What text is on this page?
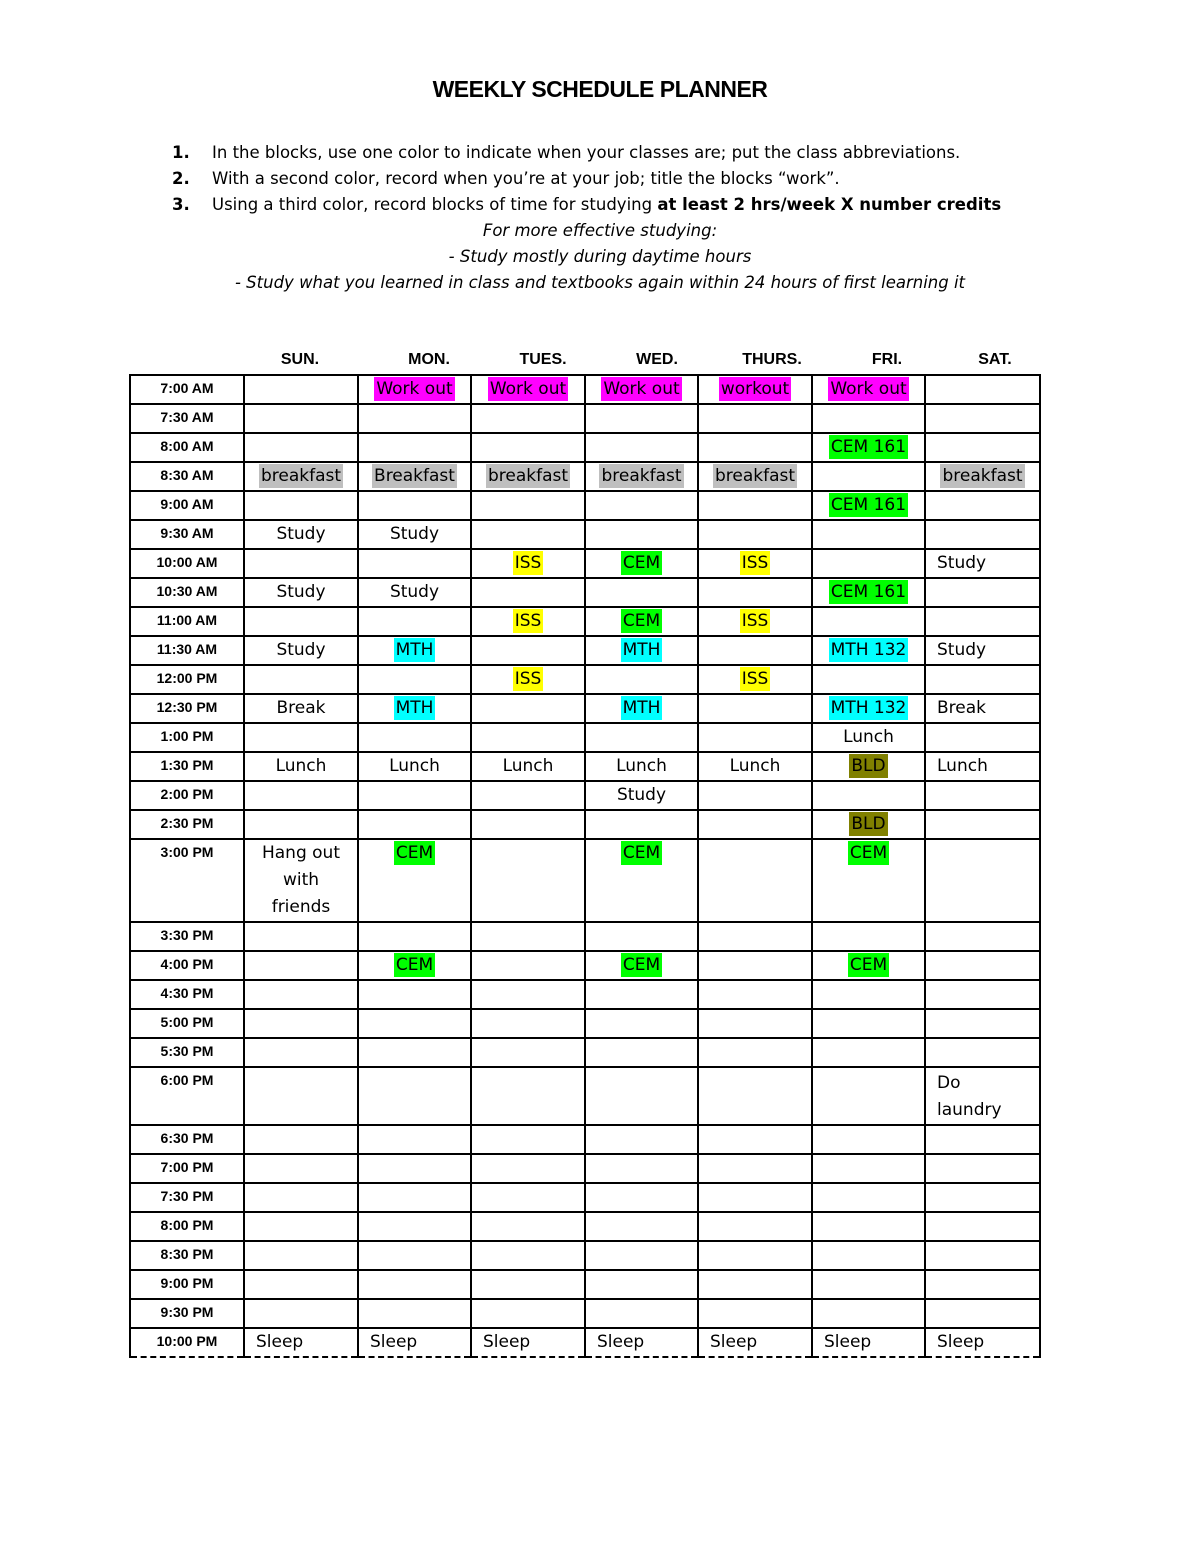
WEEKLY SCHEDULE PLANNER
1. In the blocks, use one color to indicate when your classes are; put the class abbreviations.
2. With a second color, record when you’re at your job; title the blocks “work”.
3. Using a third color, record blocks of time for studying at least 2 hrs/week X number credits
For more effective studying:
- Study mostly during daytime hours
- Study what you learned in class and textbooks again within 24 hours of first learning it
SUN.	MON.	TUES.	WED.	THURS.	FRI.	SAT.
7:00 AM		Work out	Work out	Work out	workout	Work out	
7:30 AM							
8:00 AM						CEM 161	
8:30 AM	breakfast	Breakfast	breakfast	breakfast	breakfast		breakfast
9:00 AM						CEM 161	
9:30 AM	Study	Study					
10:00 AM			ISS	CEM	ISS		Study
10:30 AM	Study	Study				CEM 161	
11:00 AM			ISS	CEM	ISS		
11:30 AM	Study	MTH		MTH		MTH 132	Study
12:00 PM			ISS		ISS		
12:30 PM	Break	MTH		MTH		MTH 132	Break
1:00 PM						Lunch	
1:30 PM	Lunch	Lunch	Lunch	Lunch	Lunch	BLD	Lunch
2:00 PM				Study			
2:30 PM						BLD	
3:00 PM	Hang out with friends	CEM		CEM		CEM	
3:30 PM							
4:00 PM		CEM		CEM		CEM	
4:30 PM							
5:00 PM							
5:30 PM							
6:00 PM							Do laundry

6:30 PM							
7:00 PM							
7:30 PM							
8:00 PM							
8:30 PM							
9:00 PM							
9:30 PM							
10:00 PM	Sleep	Sleep	Sleep	Sleep	Sleep	Sleep	Sleep
